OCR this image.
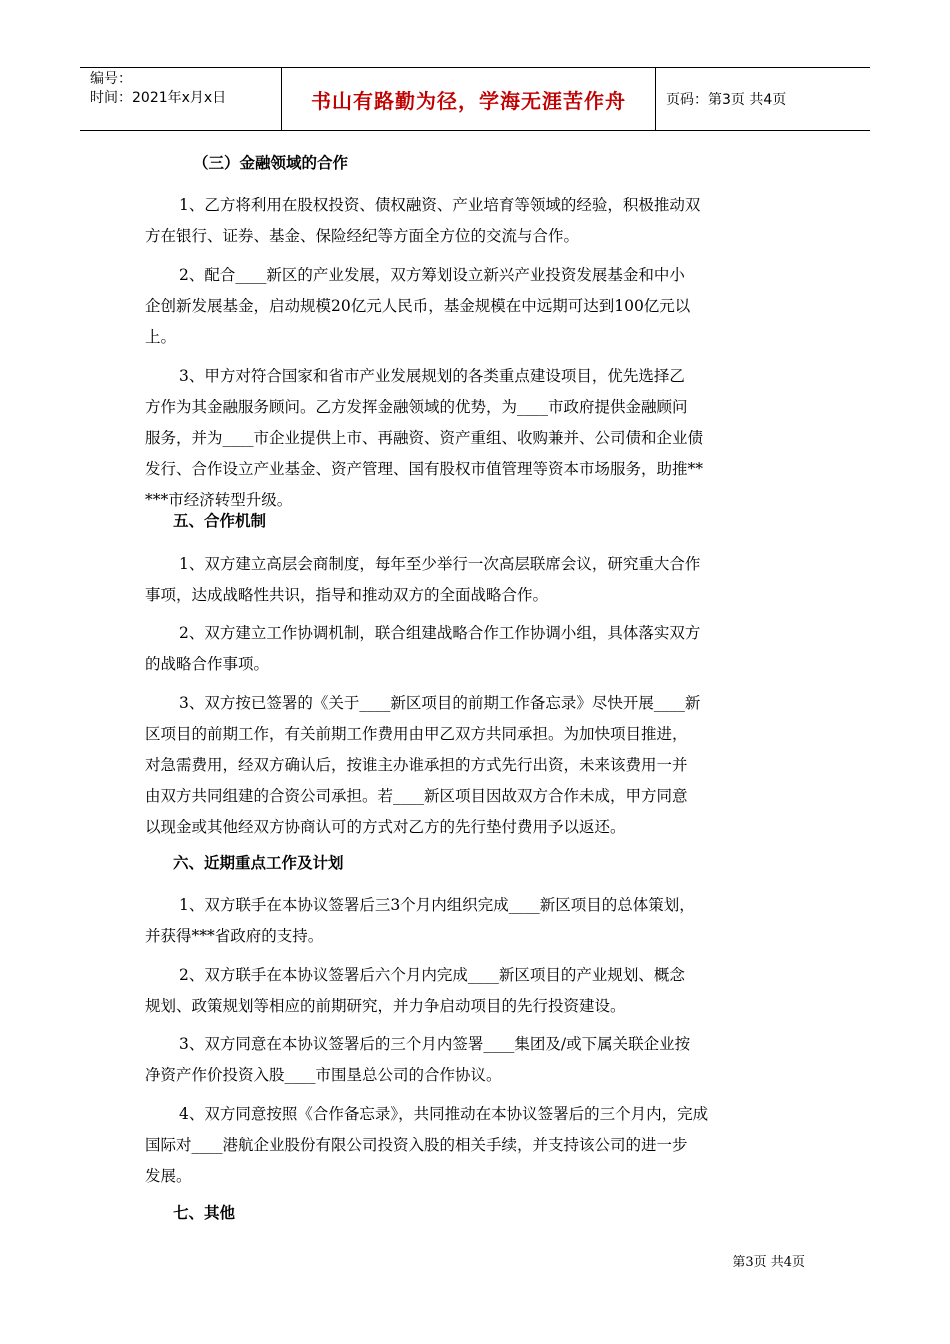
编号：
时间：2021年x月x日	书山有路勤为径，学海无涯苦作舟	页码：第3页 共4页
（三）金融领域的合作
1、乙方将利用在股权投资、债权融资、产业培育等领域的经验，积极推动双
方在银行、证券、基金、保险经纪等方面全方位的交流与合作。
2、配合____新区的产业发展，双方筹划设立新兴产业投资发展基金和中小
企创新发展基金，启动规模20亿元人民币，基金规模在中远期可达到100亿元以
上。
3、甲方对符合国家和省市产业发展规划的各类重点建设项目，优先选择乙
方作为其金融服务顾问。乙方发挥金融领域的优势，为____市政府提供金融顾问
服务，并为____市企业提供上市、再融资、资产重组、收购兼并、公司债和企业债
发行、合作设立产业基金、资产管理、国有股权市值管理等资本市场服务，助推**
***市经济转型升级。
五、合作机制
1、双方建立高层会商制度，每年至少举行一次高层联席会议，研究重大合作
事项，达成战略性共识，指导和推动双方的全面战略合作。
2、双方建立工作协调机制，联合组建战略合作工作协调小组，具体落实双方
的战略合作事项。
3、双方按已签署的《关于____新区项目的前期工作备忘录》尽快开展____新
区项目的前期工作，有关前期工作费用由甲乙双方共同承担。为加快项目推进，
对急需费用，经双方确认后，按谁主办谁承担的方式先行出资，未来该费用一并
由双方共同组建的合资公司承担。若____新区项目因故双方合作未成，甲方同意
以现金或其他经双方协商认可的方式对乙方的先行垫付费用予以返还。
六、近期重点工作及计划
1、双方联手在本协议签署后三3个月内组织完成____新区项目的总体策划，
并获得***省政府的支持。
2、双方联手在本协议签署后六个月内完成____新区项目的产业规划、概念
规划、政策规划等相应的前期研究，并力争启动项目的先行投资建设。
3、双方同意在本协议签署后的三个月内签署____集团及/或下属关联企业按
净资产作价投资入股____市围垦总公司的合作协议。
4、双方同意按照《合作备忘录》，共同推动在本协议签署后的三个月内，完成
国际对____港航企业股份有限公司投资入股的相关手续，并支持该公司的进一步
发展。
七、其他
第3页 共4页
